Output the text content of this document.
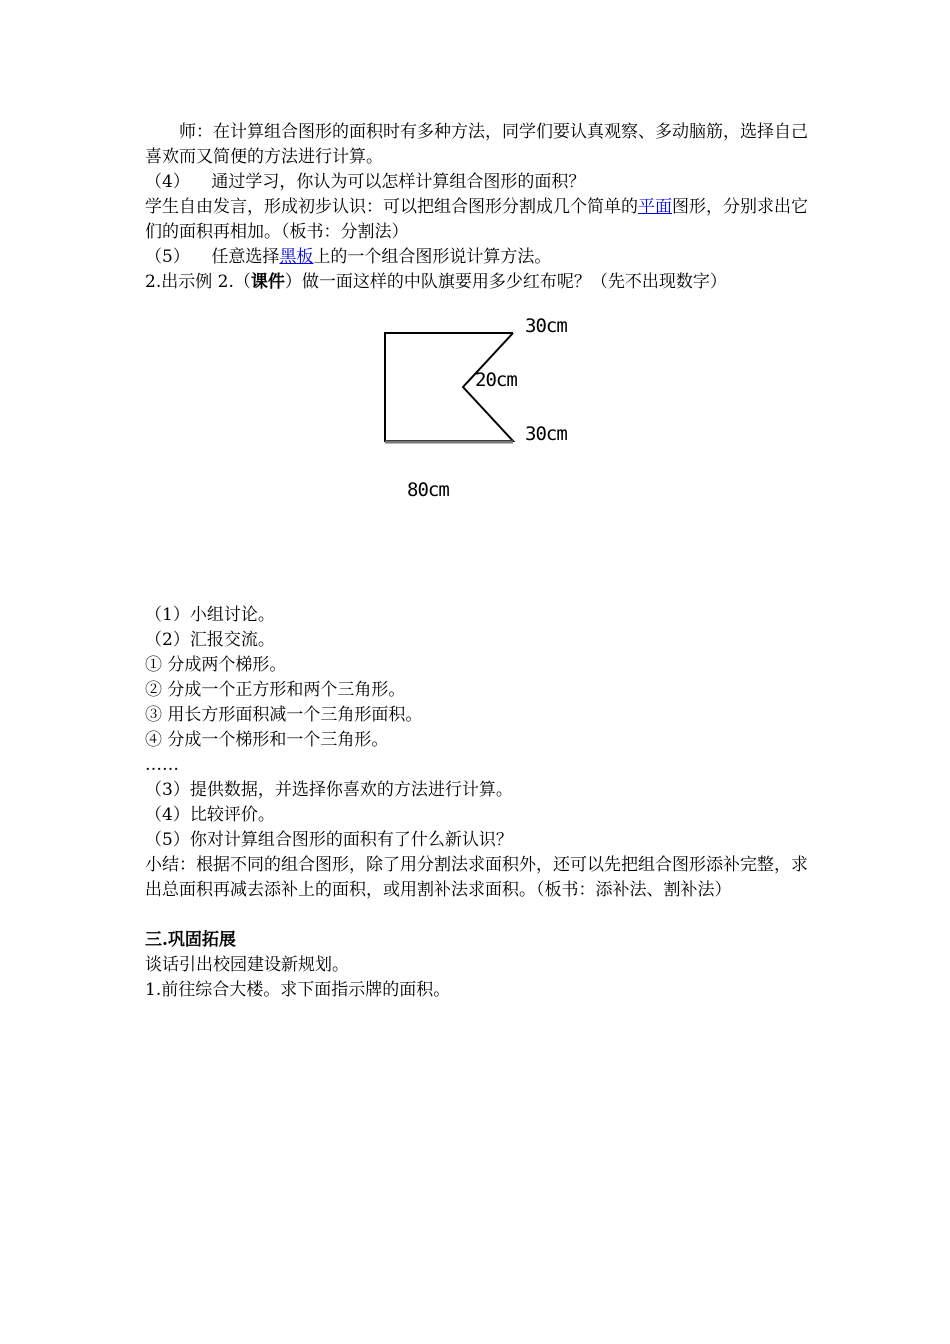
师：在计算组合图形的面积时有多种方法，同学们要认真观察、多动脑筋，选择自己喜欢而又简便的方法进行计算。

（4）    通过学习，你认为可以怎样计算组合图形的面积？

学生自由发言，形成初步认识：可以把组合图形分割成几个简单的平面图形，分别求出它们的面积再相加。（板书：分割法）

（5）    任意选择黑板上的一个组合图形说计算方法。

2.出示例 2.（课件）做一面这样的中队旗要用多少红布呢？（先不出现数字）

30cm
20cm
30cm
80cm

（1）小组讨论。

（2）汇报交流。

① 分成两个梯形。

② 分成一个正方形和两个三角形。

③ 用长方形面积减一个三角形面积。

④ 分成一个梯形和一个三角形。

……

（3）提供数据，并选择你喜欢的方法进行计算。

（4）比较评价。

（5）你对计算组合图形的面积有了什么新认识？

小结：根据不同的组合图形，除了用分割法求面积外，还可以先把组合图形添补完整，求出总面积再减去添补上的面积，或用割补法求面积。（板书：添补法、割补法）

三.巩固拓展

谈话引出校园建设新规划。

1.前往综合大楼。求下面指示牌的面积。
